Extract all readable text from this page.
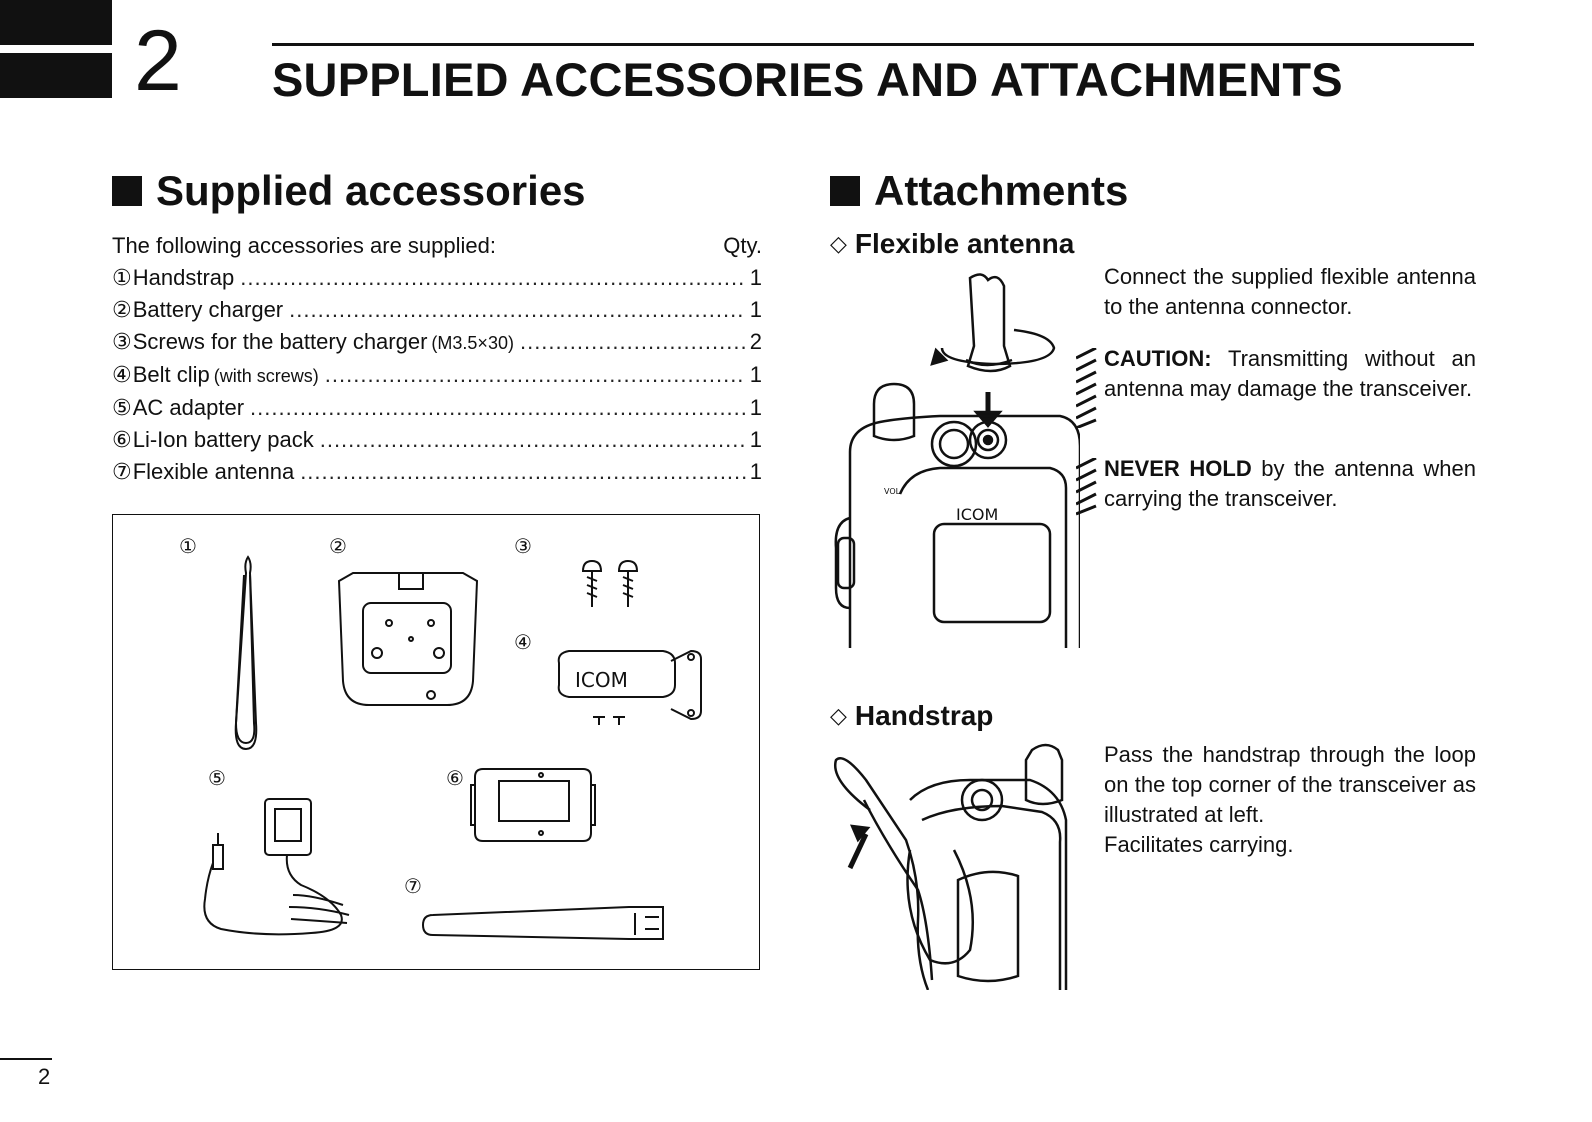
2 SUPPLIED ACCESSORIES AND ATTACHMENTS
Supplied accessories
The following accessories are supplied:	Qty.
① Handstrap .....	1
② Battery charger .....	1
③ Screws for the battery charger (M3.5×30) .....	2
④ Belt clip (with screws) .....	1
⑤ AC adapter .....	1
⑥ Li-Ion battery pack .....	1
⑦ Flexible antenna .....	1
①	②	③
④
⑤	⑥
⑦
ICOM
Attachments
◇ Flexible antenna
ICOM
VOL
Connect the supplied flexible antenna to the antenna connector.
CAUTION: Transmitting without an antenna may damage the transceiver.
NEVER HOLD by the antenna when carrying the transceiver.
◇ Handstrap
Pass the handstrap through the loop on the top corner of the transceiver as illustrated at left.
Facilitates carrying.
2
